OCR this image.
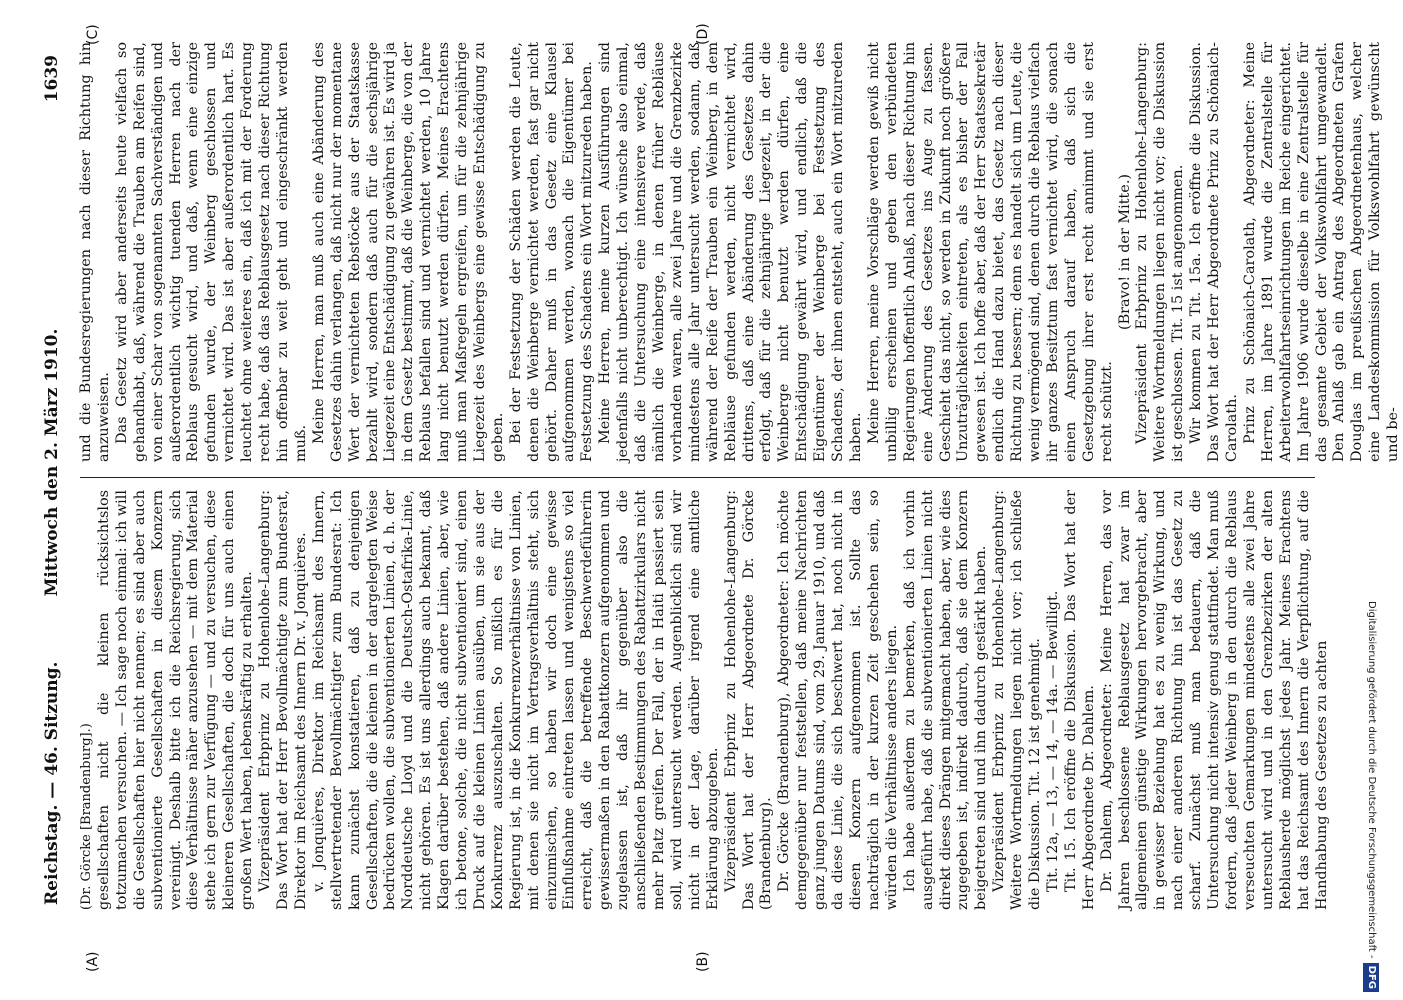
Reichstag. — 46. Sitzung.
Mittwoch den 2. März 1910.
1639
(A)	(B)
(C)	(D)

(Dr. Görcke [Brandenburg].) gesellschaften nicht die kleinen rücksichtslos totzumachen versuchen. — Ich sage noch einmal: ich will die Gesellschaften hier nicht nennen; es sind aber auch subventionierte Gesellschaften in diesem Konzern vereinigt. Deshalb bitte ich die Reichsregierung, sich diese Verhältnisse näher anzusehen — mit dem Material stehe ich gern zur Verfügung — und zu versuchen, diese kleineren Gesellschaften, die doch für uns auch einen großen Wert haben, lebenskräftig zu erhalten. Vizepräsident Erbprinz zu Hohenlohe-Langenburg: Das Wort hat der Herr Bevollmächtigte zum Bundesrat, Direktor im Reichsamt des Innern Dr. v. Jonquières. v. Jonquières, Direktor im Reichsamt des Innern, stellvertretender Bevollmächtigter zum Bundesrat: Ich kann zunächst konstatieren, daß zu denjenigen Gesellschaften, die die kleinen in der dargelegten Weise bedrücken wollen, die subventionierten Linien, d. h. der Norddeutsche Lloyd und die Deutsch-Ostafrika-Linie, nicht gehören. Es ist uns allerdings auch bekannt, daß Klagen darüber bestehen, daß andere Linien, aber, wie ich betone, solche, die nicht subventioniert sind, einen Druck auf die kleinen Linien ausüben, um sie aus der Konkurrenz auszuschalten. So mißlich es für die Regierung ist, in die Konkurrenzverhältnisse von Linien, mit denen sie nicht im Vertragsverhältnis steht, sich einzumischen, so haben wir doch eine gewisse Einflußnahme eintreten lassen und wenigstens so viel erreicht, daß die betreffende Beschwerdeführerin gewissermaßen in den Rabattkonzern aufgenommen und zugelassen ist, daß ihr gegenüber also die anschließenden Bestimmungen des Rabattzirkulars nicht mehr Platz greifen. Der Fall, der in Haiti passiert sein soll, wird untersucht werden. Augenblicklich sind wir nicht in der Lage, darüber irgend eine amtliche Erklärung abzugeben. Vizepräsident Erbprinz zu Hohenlohe-Langenburg: Das Wort hat der Herr Abgeordnete Dr. Görcke (Brandenburg). Dr. Görcke (Brandenburg), Abgeordneter: Ich möchte demgegenüber nur feststellen, daß meine Nachrichten ganz jungen Datums sind, vom 29. Januar 1910, und daß da diese Linie, die sich beschwert hat, noch nicht in diesen Konzern aufgenommen ist. Sollte das nachträglich in der kurzen Zeit geschehen sein, so würden die Verhältnisse anders liegen. Ich habe außerdem zu bemerken, daß ich vorhin ausgeführt habe, daß die subventionierten Linien nicht direkt dieses Drängen mitgemacht haben, aber, wie dies zugegeben ist, indirekt dadurch, daß sie dem Konzern beigetreten sind und ihn dadurch gestärkt haben. Vizepräsident Erbprinz zu Hohenlohe-Langenburg: Weitere Wortmeldungen liegen nicht vor; ich schließe die Diskussion. Tit. 12 ist genehmigt. Tit. 12a, — 13, — 14, — 14a. — Bewilligt. Tit. 15. Ich eröffne die Diskussion. Das Wort hat der Herr Abgeordnete Dr. Dahlem. Dr. Dahlem, Abgeordneter: Meine Herren, das vor Jahren beschlossene Reblausgesetz hat zwar im allgemeinen günstige Wirkungen hervorgebracht, aber in gewisser Beziehung hat es zu wenig Wirkung, und nach einer anderen Richtung hin ist das Gesetz zu scharf. Zunächst muß man bedauern, daß die Untersuchung nicht intensiv genug stattfindet. Man muß fordern, daß jeder Weinberg in den durch die Reblaus verseuchten Gemarkungen mindestens alle zwei Jahre untersucht wird und in den Grenzbezirken der alten Reblausherde möglichst jedes Jahr. Meines Erachtens hat das Reichsamt des Innern die Verpflichtung, auf die Handhabung des Gesetzes zu achten

und die Bundesregierungen nach dieser Richtung hin anzuweisen. Das Gesetz wird aber anderseits heute vielfach so gehandhabt, daß, während die Trauben am Reifen sind, von einer Schar von sogenannten Sachverständigen und außerordentlich wichtig tuenden Herren nach der Reblaus gesucht wird, und daß, wenn eine einzige gefunden wurde, der Weinberg geschlossen und vernichtet wird. Das ist aber außerordentlich hart. Es leuchtet ohne weiteres ein, daß ich mit der Forderung recht habe, daß das Reblausgesetz nach dieser Richtung hin offenbar zu weit geht und eingeschränkt werden muß. Meine Herren, man muß auch eine Abänderung des Gesetzes dahin verlangen, daß nicht nur der momentane Wert der vernichteten Rebstöcke aus der Staatskasse bezahlt wird, sondern daß auch für die sechsjährige Liegezeit eine Entschädigung zu gewähren ist. Es wird ja in dem Gesetz bestimmt, daß die Weinberge, die von der Reblaus befallen sind und vernichtet werden, 10 Jahre lang nicht benutzt werden dürfen. Meines Erachtens muß man Maßregeln ergreifen, um für die zehnjährige Liegezeit des Weinbergs eine gewisse Entschädigung zu geben. Bei der Festsetzung der Schäden werden die Leute, denen die Weinberge vernichtet werden, fast gar nicht gehört. Daher muß in das Gesetz eine Klausel aufgenommen werden, wonach die Eigentümer bei Festsetzung des Schadens ein Wort mitzureden haben. Meine Herren, meine kurzen Ausführungen sind jedenfalls nicht unberechtigt. Ich wünsche also einmal, daß die Untersuchung eine intensivere werde, daß nämlich die Weinberge, in denen früher Rebläuse vorhanden waren, alle zwei Jahre und die Grenzbezirke mindestens alle Jahr untersucht werden, sodann, daß während der Reife der Trauben ein Weinberg, in dem Rebläuse gefunden werden, nicht vernichtet wird, drittens, daß eine Abänderung des Gesetzes dahin erfolgt, daß für die zehnjährige Liegezeit, in der die Weinberge nicht benutzt werden dürfen, eine Entschädigung gewährt wird, und endlich, daß die Eigentümer der Weinberge bei Festsetzung des Schadens, der ihnen entsteht, auch ein Wort mitzureden haben. Meine Herren, meine Vorschläge werden gewiß nicht unbillig erscheinen und geben den verbündeten Regierungen hoffentlich Anlaß, nach dieser Richtung hin eine Änderung des Gesetzes ins Auge zu fassen. Geschieht das nicht, so werden in Zukunft noch größere Unzuträglichkeiten eintreten, als es bisher der Fall gewesen ist. Ich hoffe aber, daß der Herr Staatssekretär endlich die Hand dazu bietet, das Gesetz nach dieser Richtung zu bessern; denn es handelt sich um Leute, die wenig vermögend sind, denen durch die Reblaus vielfach ihr ganzes Besitztum fast vernichtet wird, die sonach einen Anspruch darauf haben, daß sich die Gesetzgebung ihrer erst recht annimmt und sie erst recht schützt.

(Bravo! in der Mitte.) Vizepräsident Erbprinz zu Hohenlohe-Langenburg: Weitere Wortmeldungen liegen nicht vor; die Diskussion ist geschlossen. Tit. 15 ist angenommen. Wir kommen zu Tit. 15a. Ich eröffne die Diskussion. Das Wort hat der Herr Abgeordnete Prinz zu Schönaich-Carolath. Prinz zu Schönaich-Carolath, Abgeordneter: Meine Herren, im Jahre 1891 wurde die Zentralstelle für Arbeiterwohlfahrtseinrichtungen im Reiche eingerichtet. Im Jahre 1906 wurde dieselbe in eine Zentralstelle für das gesamte Gebiet der Volkswohlfahrt umgewandelt. Den Anlaß gab ein Antrag des Abgeordneten Grafen Douglas im preußischen Abgeordnetenhaus, welcher eine Landeskommission für Volkswohlfahrt gewünscht und be-

Digitalisierung gefördert durch die Deutsche Forschungsgemeinschaft -DFG
